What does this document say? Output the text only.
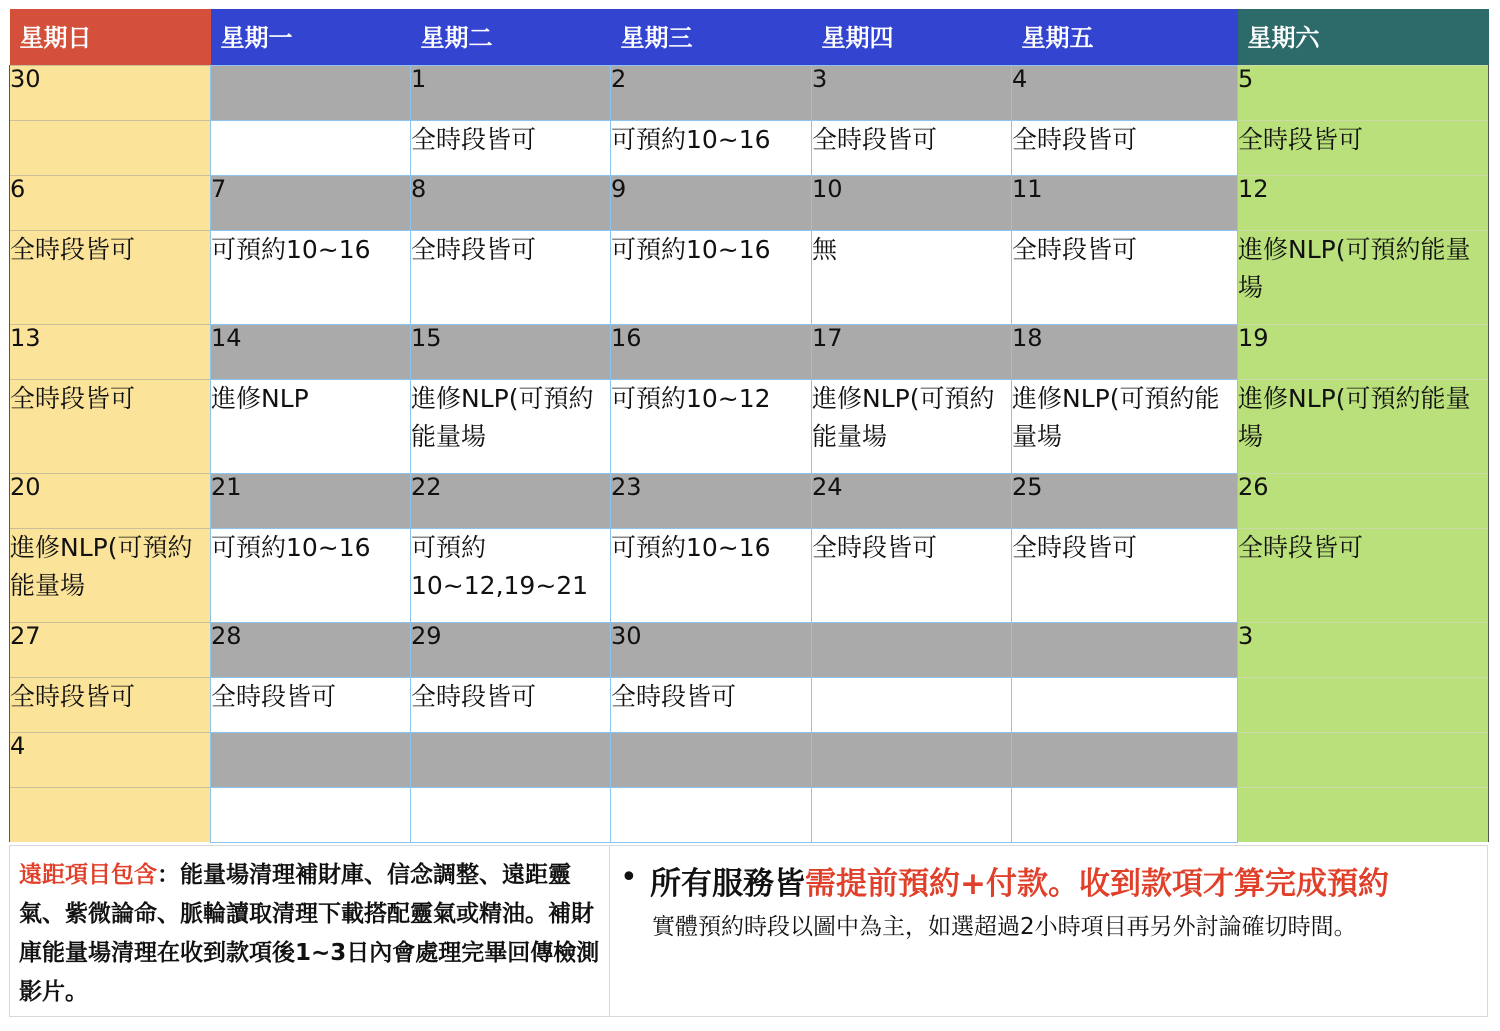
星期日	星期一	星期二	星期三	星期四	星期五	星期六
30		1	2	3	4	5
		全時段皆可	可預約10~16	全時段皆可	全時段皆可	全時段皆可
6	7	8	9	10	11	12
全時段皆可	可預約10~16	全時段皆可	可預約10~16	無	全時段皆可	進修NLP(可預約能量場
13	14	15	16	17	18	19
全時段皆可	進修NLP	進修NLP(可預約能量場	可預約10~12	進修NLP(可預約能量場	進修NLP(可預約能量場	進修NLP(可預約能量場
20	21	22	23	24	25	26
進修NLP(可預約能量場	可預約10~16	可預約10~12,19~21	可預約10~16	全時段皆可	全時段皆可	全時段皆可
27	28	29	30			3
全時段皆可	全時段皆可	全時段皆可	全時段皆可			
4						

遠距項目包含：能量場清理補財庫、信念調整、遠距靈氣、紫微論命、脈輪讀取清理下載搭配靈氣或精油。補財庫能量場清理在收到款項後1~3日內會處理完畢回傳檢測影片。
• 所有服務皆需提前預約+付款。收到款項才算完成預約
實體預約時段以圖中為主，如選超過2小時項目再另外討論確切時間。
